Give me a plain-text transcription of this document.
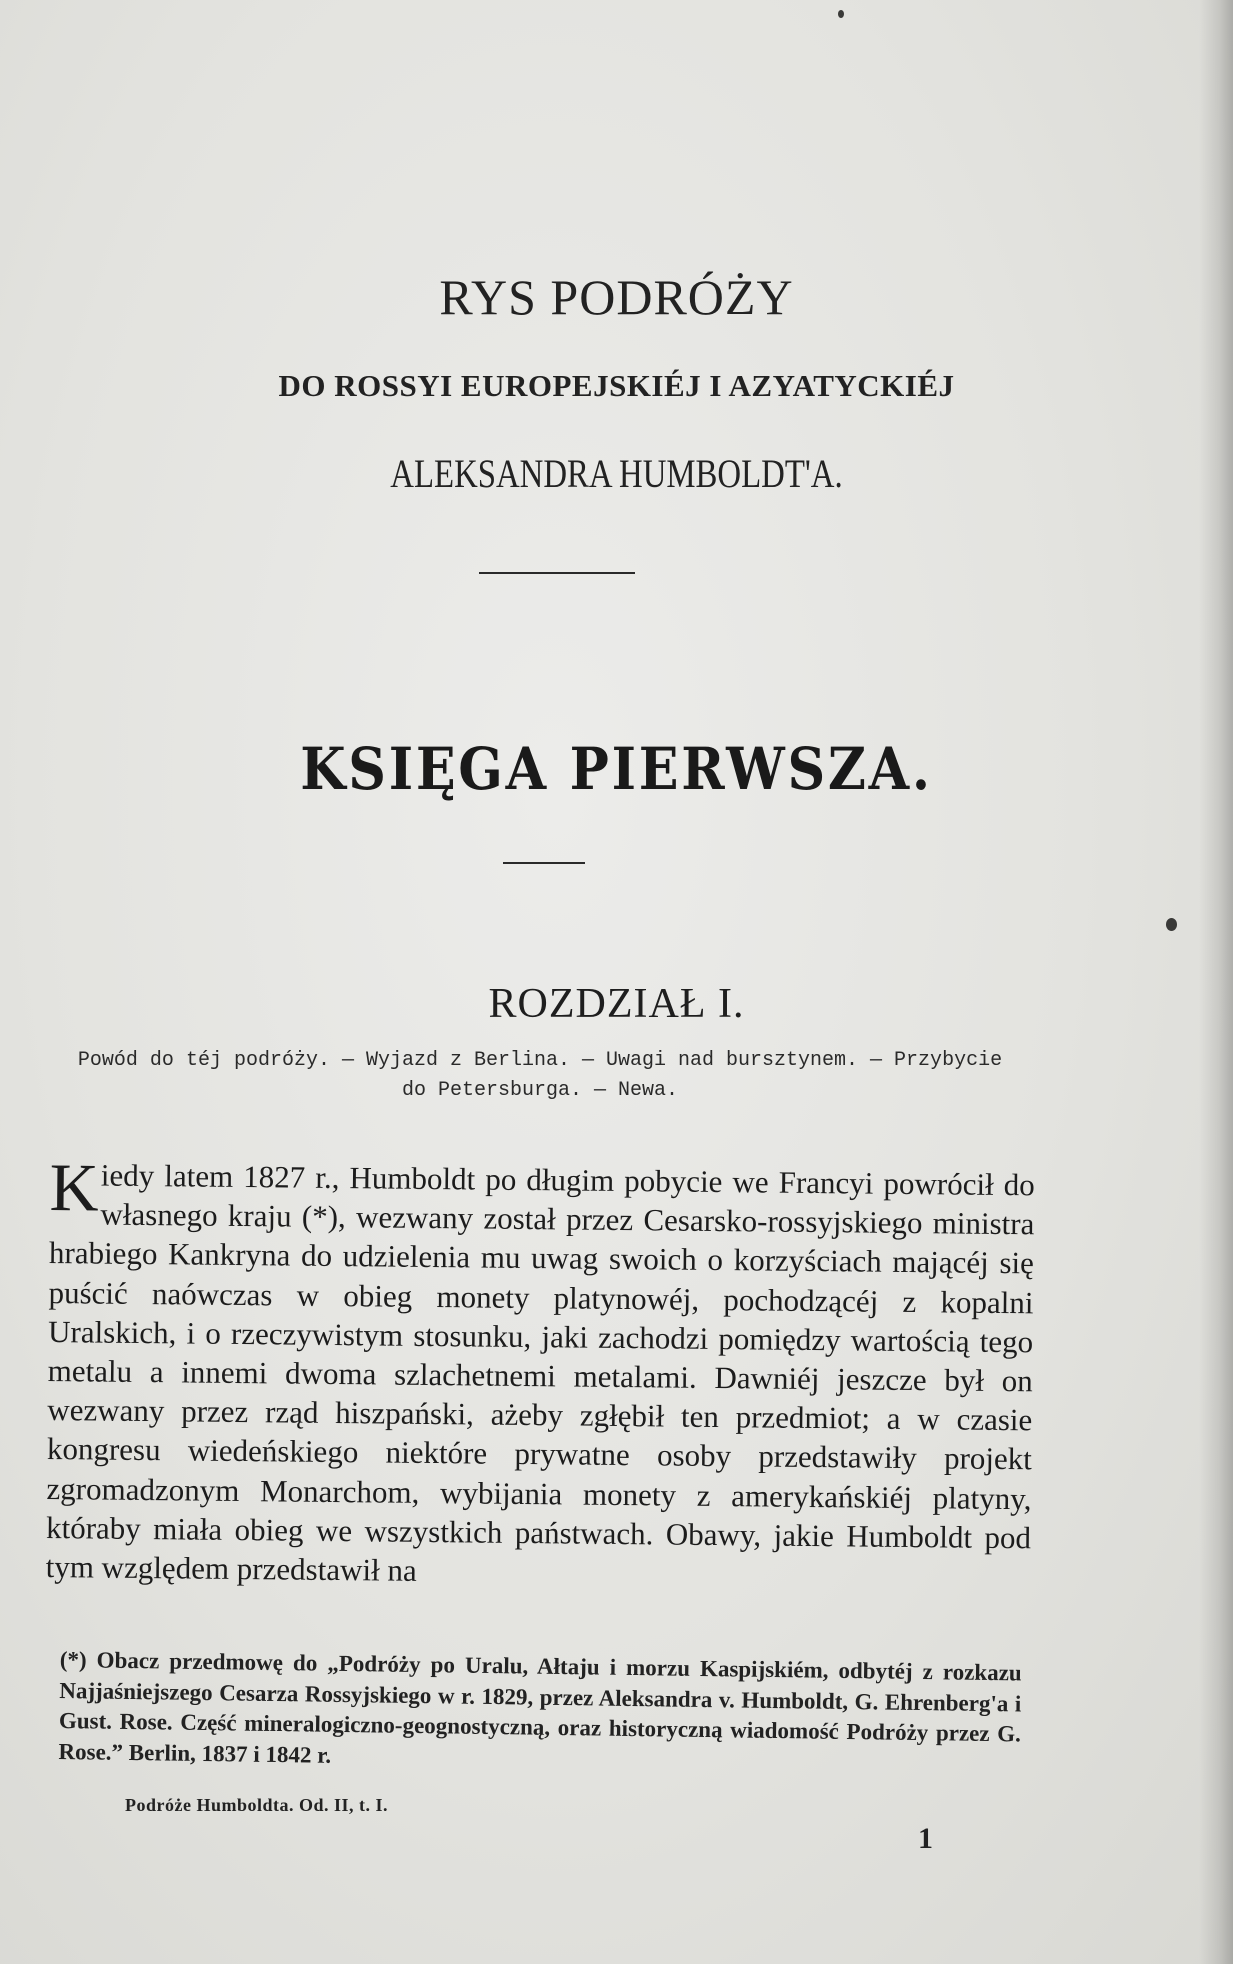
RYS PODRÓŻY
DO ROSSYI EUROPEJSKIÉJ I AZYATYCKIÉJ
ALEKSANDRA HUMBOLDT'A.
KSIĘGA PIERWSZA.
ROZDZIAŁ I.
Powód do téj podróży. — Wyjazd z Berlina. — Uwagi nad bursztynem. — Przybycie do Petersburga. — Newa.
Kiedy latem 1827 r., Humboldt po długim pobycie we Francyi powrócił do własnego kraju (*), wezwany został przez Cesarsko-rossyjskiego ministra hrabiego Kankryna do udzielenia mu uwag swoich o korzyściach mającéj się puścić naówczas w obieg monety platynowéj, pochodzącéj z kopalni Uralskich, i o rzeczywistym stosunku, jaki zachodzi pomiędzy wartością tego metalu a innemi dwoma szlachetnemi metalami. Dawniéj jeszcze był on wezwany przez rząd hiszpański, ażeby zgłębił ten przedmiot; a w czasie kongresu wiedeńskiego niektóre prywatne osoby przedstawiły projekt zgromadzonym Monarchom, wybijania monety z amerykańskiéj platyny, któraby miała obieg we wszystkich państwach. Obawy, jakie Humboldt pod tym względem przedstawił na
(*) Obacz przedmowę do „Podróży po Uralu, Ałtaju i morzu Kaspijskiém, odbytéj z rozkazu Najjaśniejszego Cesarza Rossyjskiego w r. 1829, przez Aleksandra v. Humboldt, G. Ehrenberg'a i Gust. Rose. Część mineralogiczno-geognostyczną, oraz historyczną wiadomość Podróży przez G. Rose.” Berlin, 1837 i 1842 r.
Podróże Humboldta. Od. II, t. I.
1
